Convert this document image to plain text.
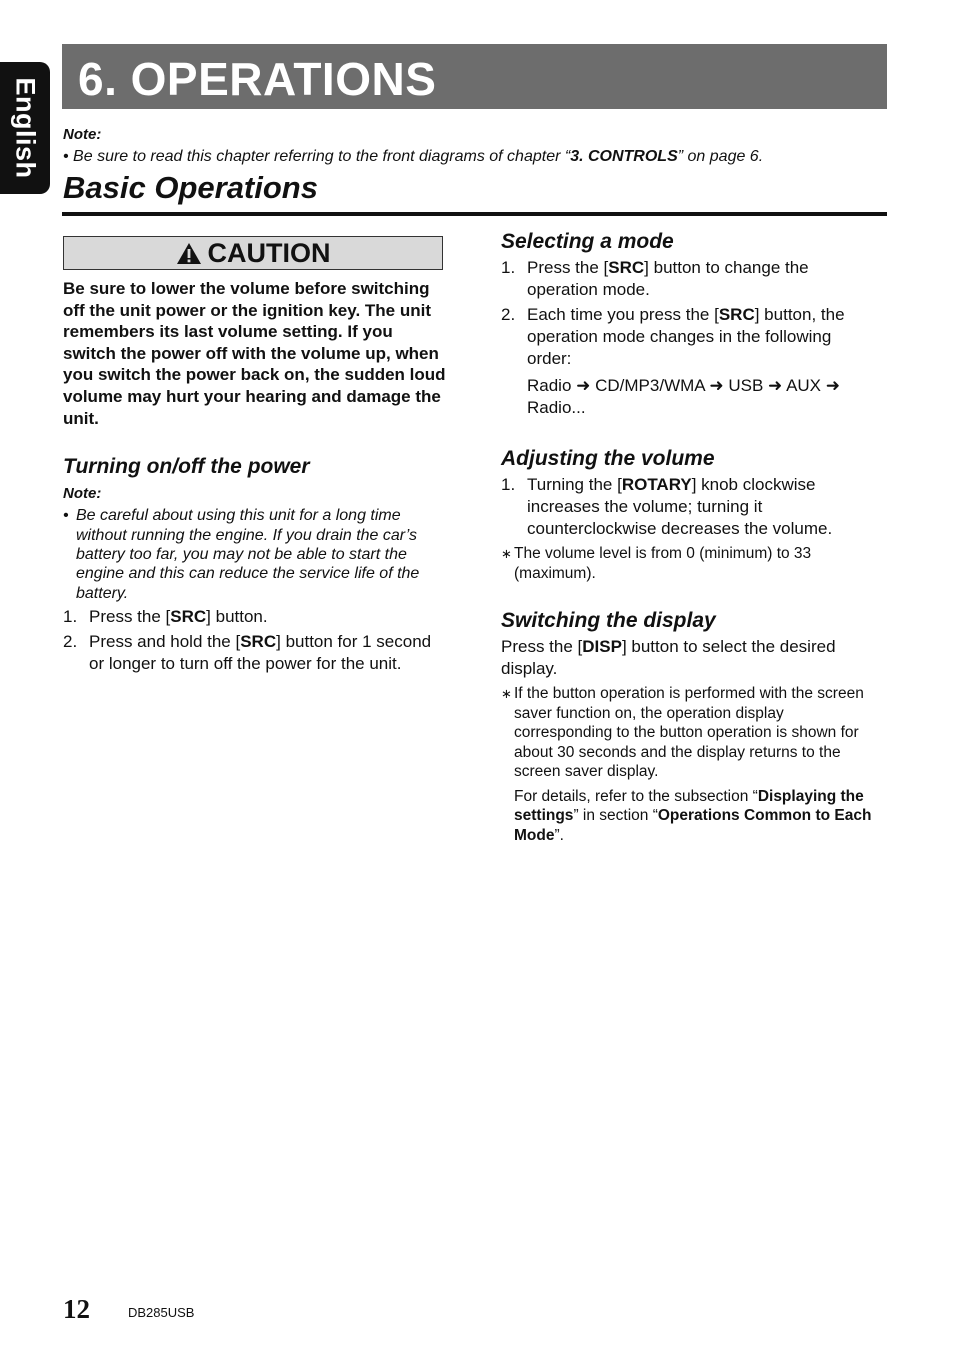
English 6. OPERATIONS
Note:
• Be sure to read this chapter referring to the front diagrams of chapter “3. CONTROLS” on page 6.
Basic Operations
CAUTION
Be sure to lower the volume before switching off the unit power or the ignition key. The unit remembers its last volume setting. If you switch the power off with the volume up, when you switch the power back on, the sudden loud volume may hurt your hearing and damage the unit.
Turning on/off the power
Note:
• Be careful about using this unit for a long time without running the engine. If you drain the car’s battery too far, you may not be able to start the engine and this can reduce the service life of the battery.
1. Press the [SRC] button.
2. Press and hold the [SRC] button for 1 second or longer to turn off the power for the unit.
Selecting a mode
1. Press the [SRC] button to change the operation mode.
2. Each time you press the [SRC] button, the operation mode changes in the following order:
Radio ➜ CD/MP3/WMA ➜ USB ➜ AUX ➜ Radio...
Adjusting the volume
1. Turning the [ROTARY] knob clockwise increases the volume; turning it counterclockwise decreases the volume.
∗ The volume level is from 0 (minimum) to 33 (maximum).
Switching the display
Press the [DISP] button to select the desired display.
∗ If the button operation is performed with the screen saver function on, the operation display corresponding to the button operation is shown for about 30 seconds and the display returns to the screen saver display.
For details, refer to the subsection “Displaying the settings” in section “Operations Common to Each Mode”.
12	DB285USB
